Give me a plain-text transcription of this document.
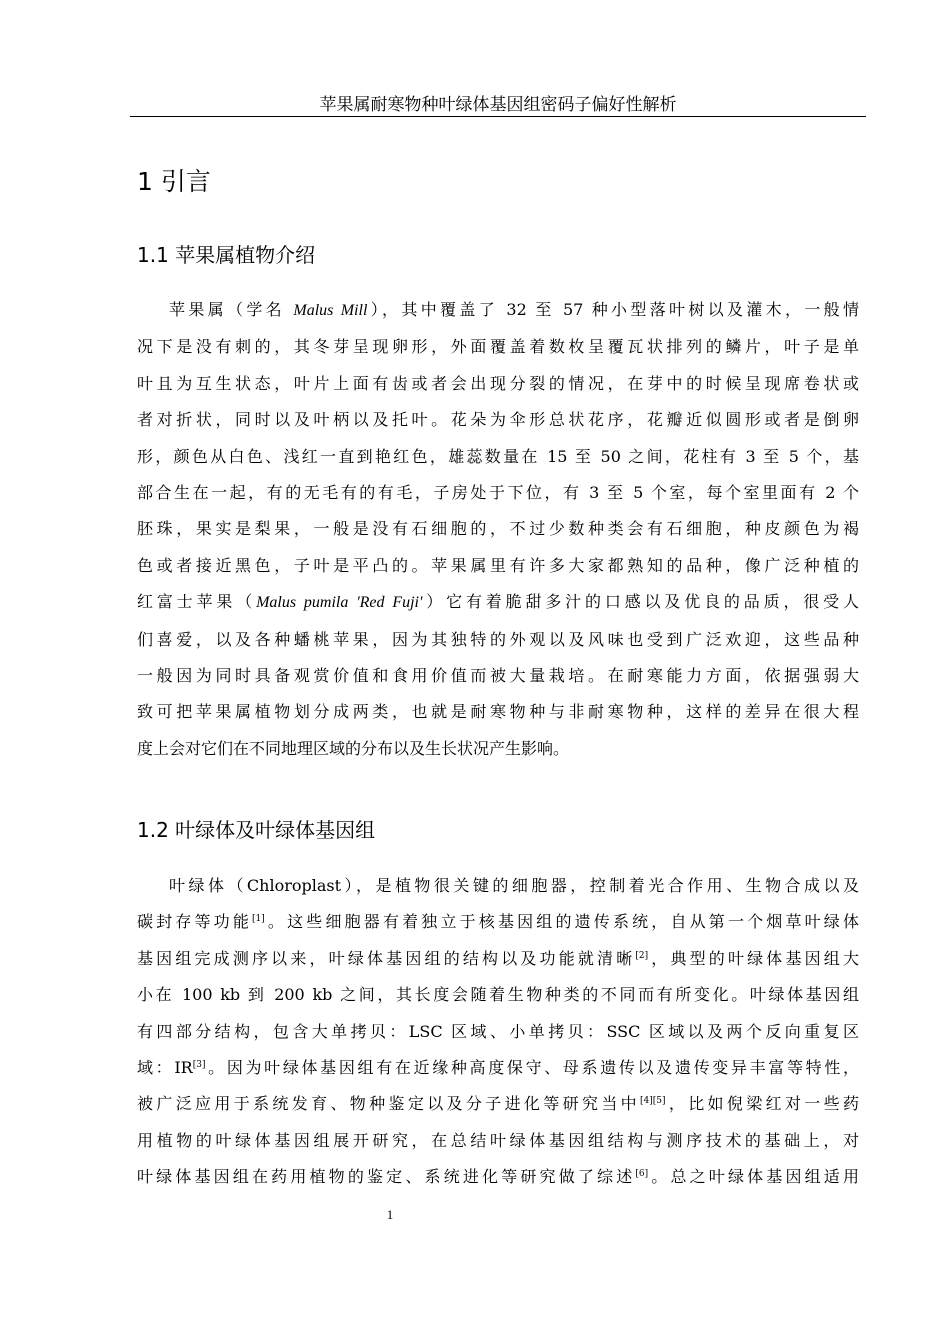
苹果属耐寒物种叶绿体基因组密码子偏好性解析
1 引言
1.1 苹果属植物介绍
苹果属（学名 Malus Mill），其中覆盖了 32 至 57 种小型落叶树以及灌木，一般情
况下是没有刺的，其冬芽呈现卵形，外面覆盖着数枚呈覆瓦状排列的鳞片，叶子是单
叶且为互生状态，叶片上面有齿或者会出现分裂的情况，在芽中的时候呈现席卷状或
者对折状，同时以及叶柄以及托叶。花朵为伞形总状花序，花瓣近似圆形或者是倒卵
形，颜色从白色、浅红一直到艳红色，雄蕊数量在 15 至 50 之间，花柱有 3 至 5 个，基
部合生在一起，有的无毛有的有毛，子房处于下位，有 3 至 5 个室，每个室里面有 2 个
胚珠，果实是梨果，一般是没有石细胞的，不过少数种类会有石细胞，种皮颜色为褐
色或者接近黑色，子叶是平凸的。苹果属里有许多大家都熟知的品种，像广泛种植的
红富士苹果（Malus pumila 'Red Fuji'）它有着脆甜多汁的口感以及优良的品质，很受人
们喜爱，以及各种蟠桃苹果，因为其独特的外观以及风味也受到广泛欢迎，这些品种
一般因为同时具备观赏价值和食用价值而被大量栽培。在耐寒能力方面，依据强弱大
致可把苹果属植物划分成两类，也就是耐寒物种与非耐寒物种，这样的差异在很大程
度上会对它们在不同地理区域的分布以及生长状况产生影响。
1.2 叶绿体及叶绿体基因组
叶绿体（Chloroplast），是植物很关键的细胞器，控制着光合作用、生物合成以及
碳封存等功能[1]。这些细胞器有着独立于核基因组的遗传系统，自从第一个烟草叶绿体
基因组完成测序以来，叶绿体基因组的结构以及功能就清晰[2]，典型的叶绿体基因组大
小在 100 kb 到 200 kb 之间，其长度会随着生物种类的不同而有所变化。叶绿体基因组
有四部分结构，包含大单拷贝：LSC 区域、小单拷贝：SSC 区域以及两个反向重复区
域：IR[3]。因为叶绿体基因组有在近缘种高度保守、母系遗传以及遗传变异丰富等特性，
被广泛应用于系统发育、物种鉴定以及分子进化等研究当中[4][5]，比如倪梁红对一些药
用植物的叶绿体基因组展开研究，在总结叶绿体基因组结构与测序技术的基础上，对
叶绿体基因组在药用植物的鉴定、系统进化等研究做了综述[6]。总之叶绿体基因组适用
1
